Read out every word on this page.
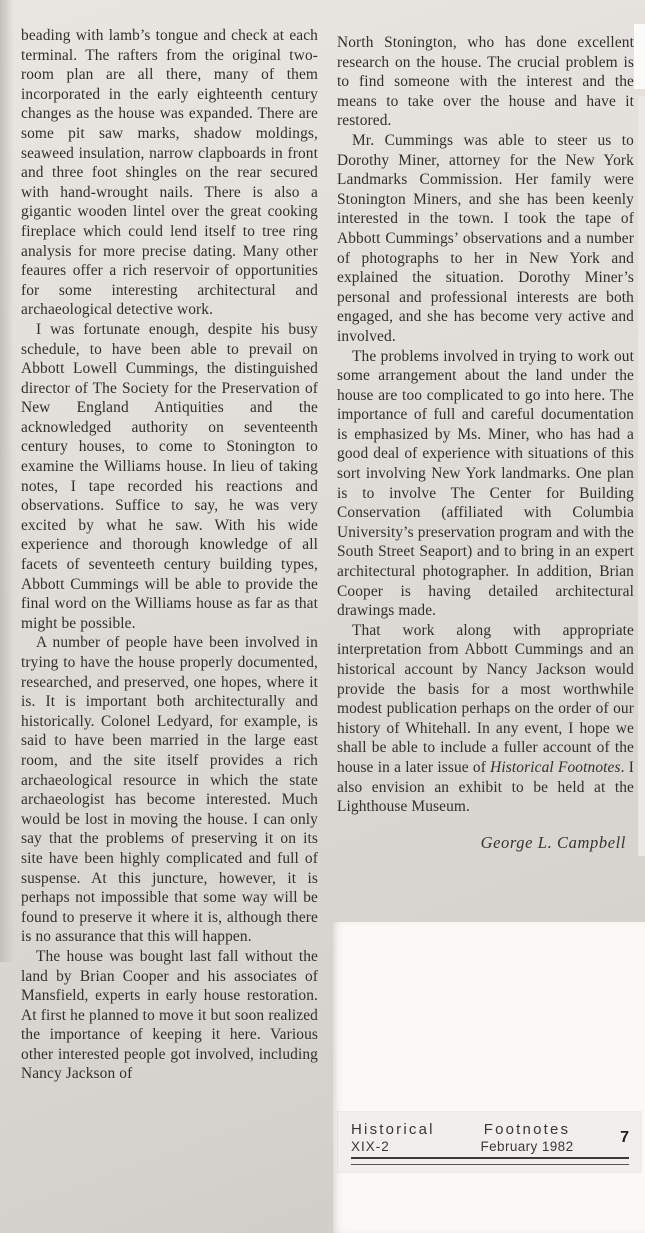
beading with lamb’s tongue and check at each terminal. The rafters from the original two-room plan are all there, many of them incorporated in the early eighteenth century changes as the house was expanded. There are some pit saw marks, shadow moldings, seaweed insulation, narrow clapboards in front and three foot shingles on the rear secured with hand-wrought nails. There is also a gigantic wooden lintel over the great cooking fireplace which could lend itself to tree ring analysis for more precise dating. Many other feaures offer a rich reservoir of opportunities for some interesting architectural and archaeological detective work.

I was fortunate enough, despite his busy schedule, to have been able to prevail on Abbott Lowell Cummings, the distinguished director of The Society for the Preservation of New England Antiquities and the acknowledged authority on seventeenth century houses, to come to Stonington to examine the Williams house. In lieu of taking notes, I tape recorded his reactions and observations. Suffice to say, he was very excited by what he saw. With his wide experience and thorough knowledge of all facets of seventeeth century building types, Abbott Cummings will be able to provide the final word on the Williams house as far as that might be possible.

A number of people have been involved in trying to have the house properly documented, researched, and preserved, one hopes, where it is. It is important both architecturally and historically. Colonel Ledyard, for example, is said to have been married in the large east room, and the site itself provides a rich archaeological resource in which the state archaeologist has become interested. Much would be lost in moving the house. I can only say that the problems of preserving it on its site have been highly complicated and full of suspense. At this juncture, however, it is perhaps not impossible that some way will be found to preserve it where it is, although there is no assurance that this will happen.

The house was bought last fall without the land by Brian Cooper and his associates of Mansfield, experts in early house restoration. At first he planned to move it but soon realized the importance of keeping it here. Various other interested people got involved, including Nancy Jackson of

North Stonington, who has done excellent research on the house. The crucial problem is to find someone with the interest and the means to take over the house and have it restored.

Mr. Cummings was able to steer us to Dorothy Miner, attorney for the New York Landmarks Commission. Her family were Stonington Miners, and she has been keenly interested in the town. I took the tape of Abbott Cummings’ observations and a number of photographs to her in New York and explained the situation. Dorothy Miner’s personal and professional interests are both engaged, and she has become very active and involved.

The problems involved in trying to work out some arrangement about the land under the house are too complicated to go into here. The importance of full and careful documentation is emphasized by Ms. Miner, who has had a good deal of experience with situations of this sort involving New York landmarks. One plan is to involve The Center for Building Conservation (affiliated with Columbia University’s preservation program and with the South Street Seaport) and to bring in an expert architectural photographer. In addition, Brian Cooper is having detailed architectural drawings made.

That work along with appropriate interpretation from Abbott Cummings and an historical account by Nancy Jackson would provide the basis for a most worthwhile modest publication perhaps on the order of our history of Whitehall. In any event, I hope we shall be able to include a fuller account of the house in a later issue of Historical Footnotes. I also envision an exhibit to be held at the Lighthouse Museum.

George L. Campbell
Historical
XIX-2
Footnotes
February 1982
7
